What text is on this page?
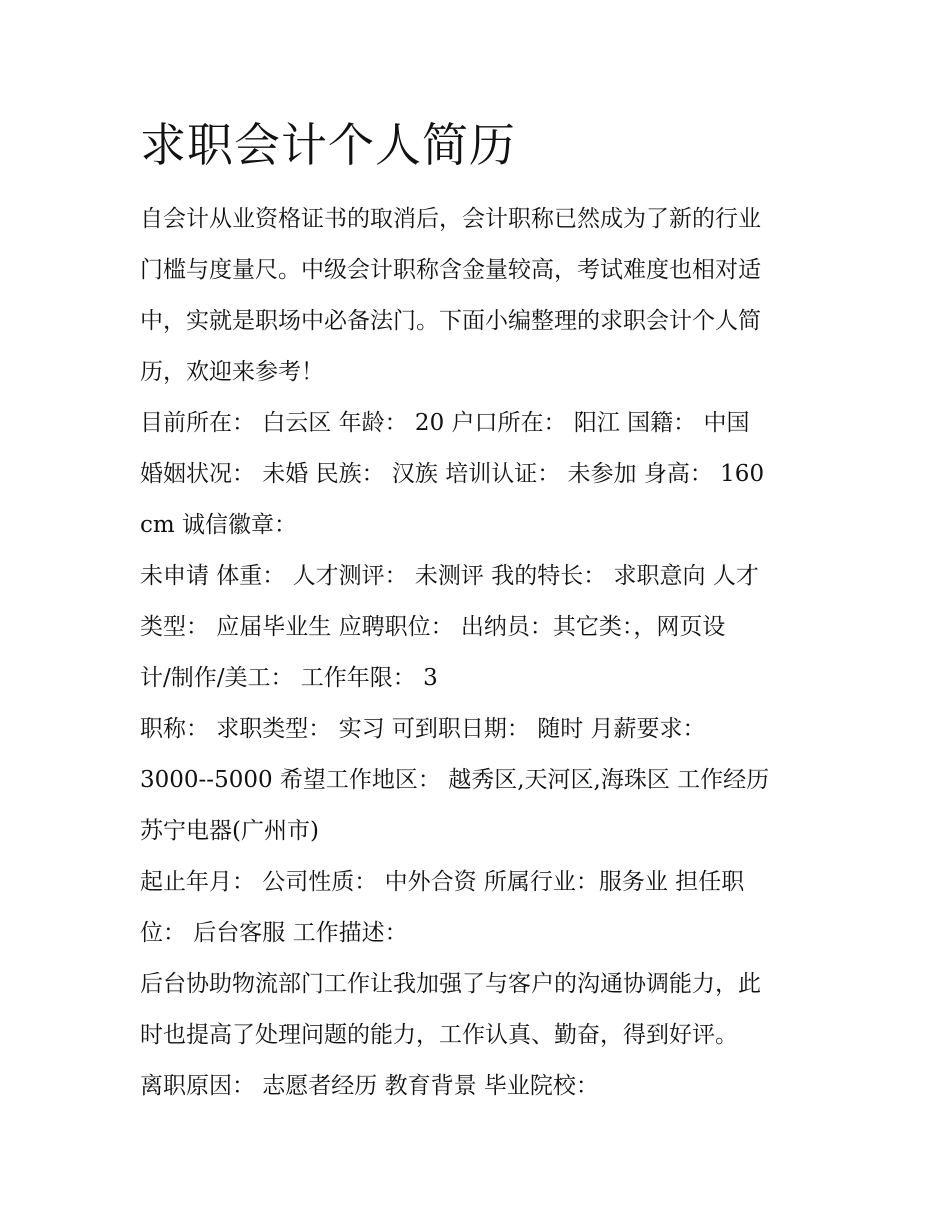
求职会计个人简历

自会计从业资格证书的取消后，会计职称已然成为了新的行业

门槛与度量尺。中级会计职称含金量较高，考试难度也相对适

中，实就是职场中必备法门。下面小编整理的求职会计个人简

历，欢迎来参考！

目前所在： 白云区 年龄： 20 户口所在： 阳江 国籍： 中国

婚姻状况： 未婚 民族： 汉族 培训认证： 未参加 身高： 160

cm 诚信徽章：

未申请 体重： 人才测评： 未测评 我的特长： 求职意向 人才

类型： 应届毕业生 应聘职位： 出纳员：其它类：，网页设

计/制作/美工： 工作年限： 3

职称： 求职类型： 实习 可到职日期： 随时 月薪要求：

3000--5000 希望工作地区： 越秀区,天河区,海珠区 工作经历

苏宁电器(广州市)

起止年月： 公司性质： 中外合资 所属行业：服务业 担任职

位： 后台客服 工作描述：

后台协助物流部门工作让我加强了与客户的沟通协调能力，此

时也提高了处理问题的能力，工作认真、勤奋，得到好评。

离职原因： 志愿者经历 教育背景 毕业院校：
